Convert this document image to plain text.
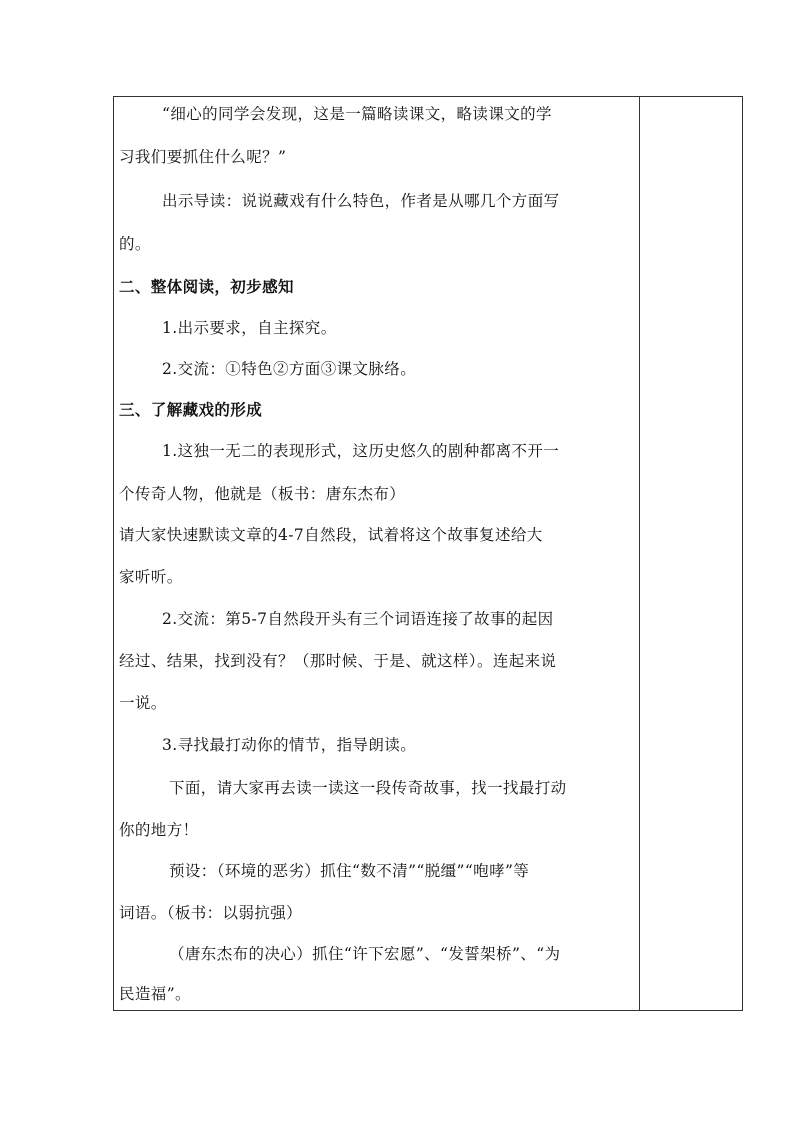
“细心的同学会发现，这是一篇略读课文，略读课文的学
习我们要抓住什么呢？”
出示导读：说说藏戏有什么特色，作者是从哪几个方面写
的。
二、整体阅读，初步感知
1.出示要求，自主探究。
2.交流：①特色②方面③课文脉络。
三、了解藏戏的形成
1.这独一无二的表现形式，这历史悠久的剧种都离不开一
个传奇人物，他就是（板书：唐东杰布）
请大家快速默读文章的4-7自然段，试着将这个故事复述给大
家听听。
2.交流：第5-7自然段开头有三个词语连接了故事的起因
经过、结果，找到没有？（那时候、于是、就这样）。连起来说
一说。
3.寻找最打动你的情节，指导朗读。
下面，请大家再去读一读这一段传奇故事，找一找最打动
你的地方！
预设：（环境的恶劣）抓住“数不清”“脱缰”“咆哮”等
词语。（板书：以弱抗强）
（唐东杰布的决心）抓住“许下宏愿”、“发誓架桥”、“为
民造福”。
